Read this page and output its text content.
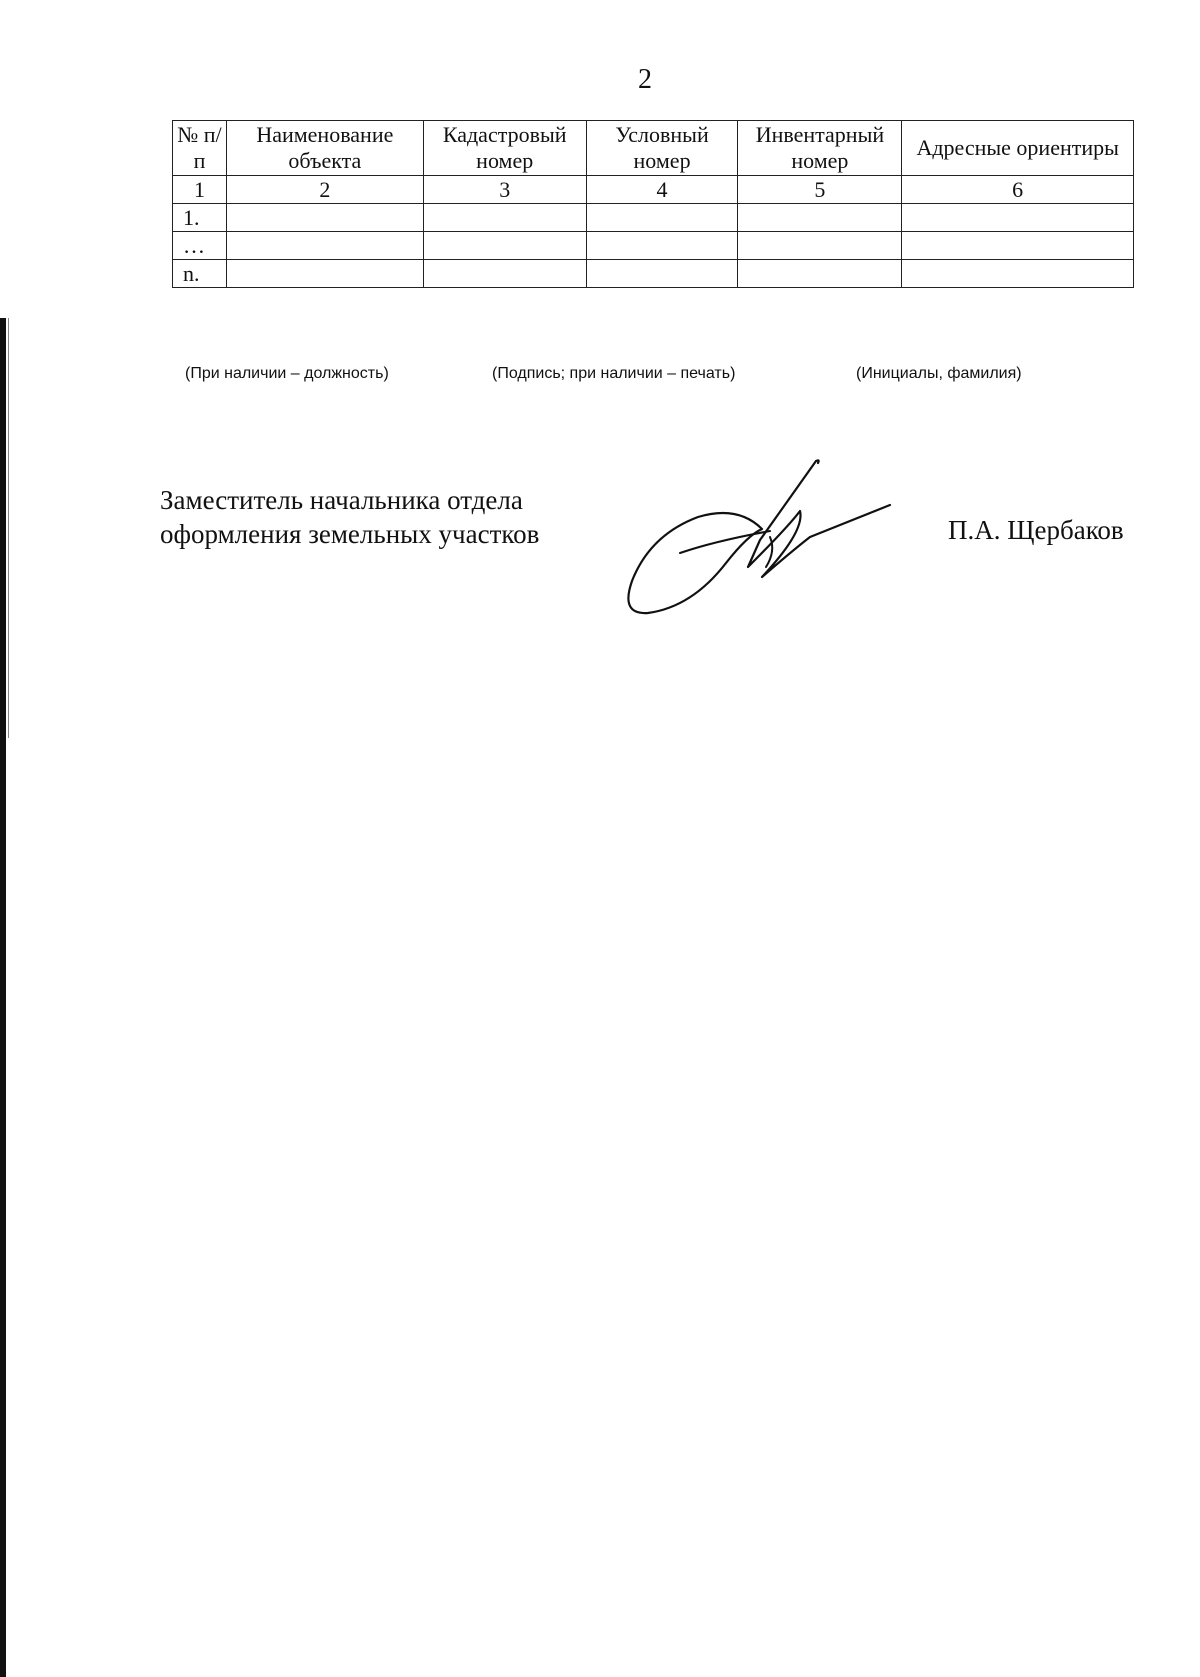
2
№ п/п	Наименование объекта	Кадастровый номер	Условный номер	Инвентарный номер	Адресные ориентиры
1	2	3	4	5	6
1.					
…					
n.					
(При наличии – должность)	(Подпись; при наличии – печать)	(Инициалы, фамилия)
Заместитель начальника отдела
оформления земельных участков	П.А. Щербаков
